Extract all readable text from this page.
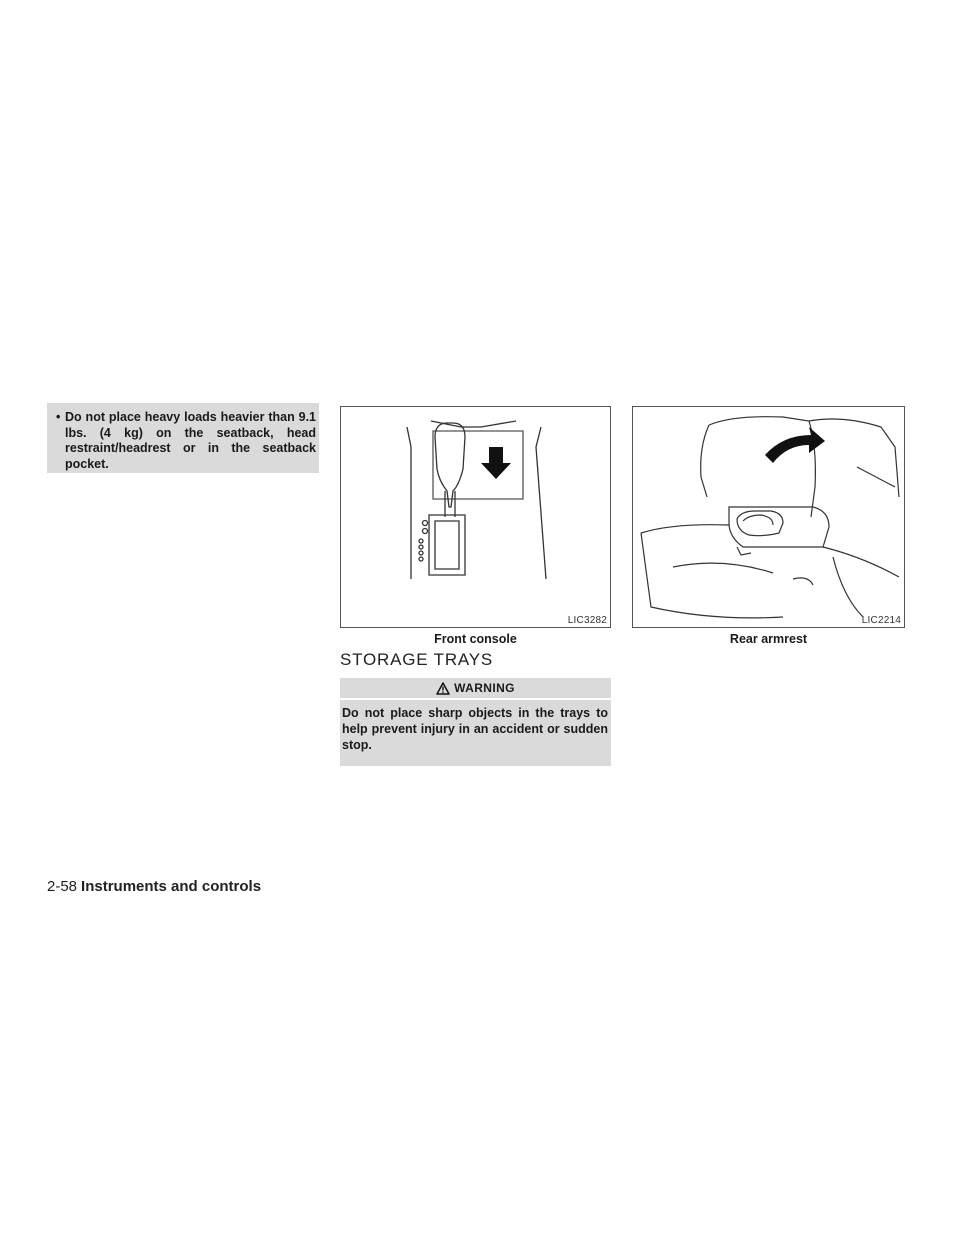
• Do not place heavy loads heavier than 9.1 lbs. (4 kg) on the seatback, head restraint/headrest or in the seatback pocket.
LIC3282	LIC2214
Front console	Rear armrest
STORAGE TRAYS
WARNING
Do not place sharp objects in the trays to help prevent injury in an accident or sudden stop.
2-58 Instruments and controls
